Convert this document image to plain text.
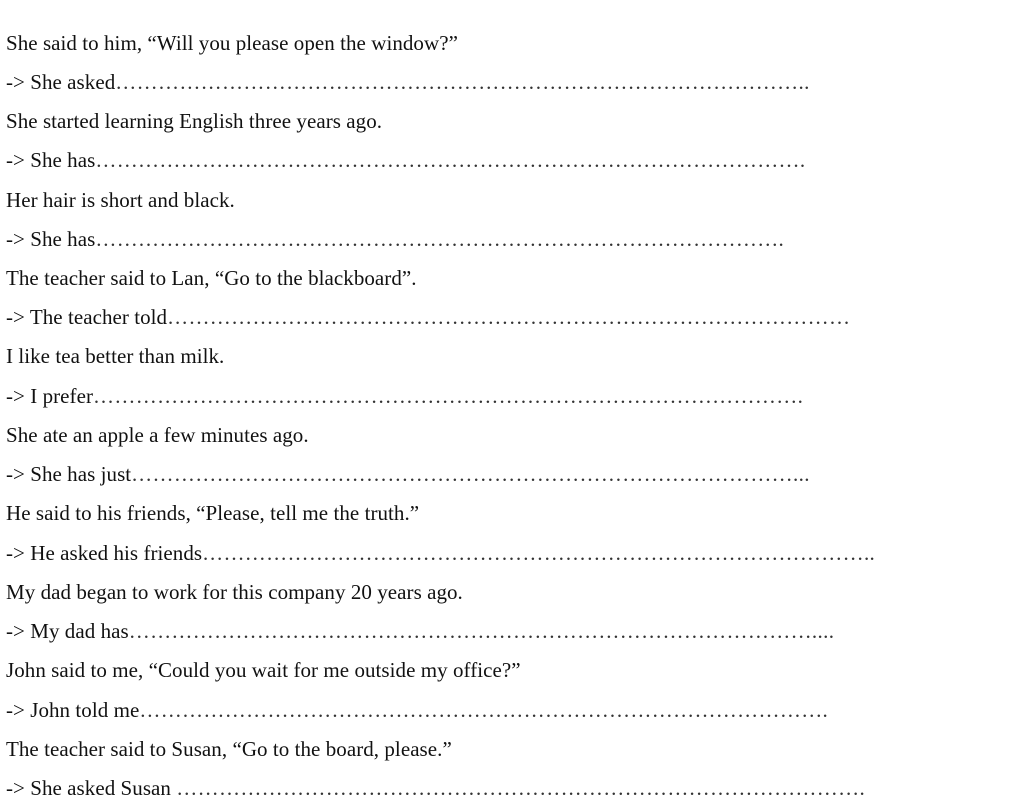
She said to him, “Will you please open the window?”
-> She asked……………………………………………………………………………………..
She started learning English three years ago.
-> She has……………………………………………………………………………………….
Her hair is short and black.
-> She has…………………………………………………………………………………….
The teacher said to Lan, “Go to the blackboard”.
-> The teacher told……………………………………………………………………………………
I like tea better than milk.
-> I prefer……………………………………………………………………………………….
She ate an apple a few minutes ago.
-> She has just…………………………………………………………………………………...
He said to his friends, “Please, tell me the truth.”
-> He asked his friends…………………………………………………………………………………..
My dad began to work for this company 20 years ago.
-> My dad has……………………………………………………………………………………....
John said to me, “Could you wait for me outside my office?”
-> John told me…………………………………………………………………………………….
The teacher said to Susan, “Go to the board, please.”
-> She asked Susan …………………………………………………………………………………….
